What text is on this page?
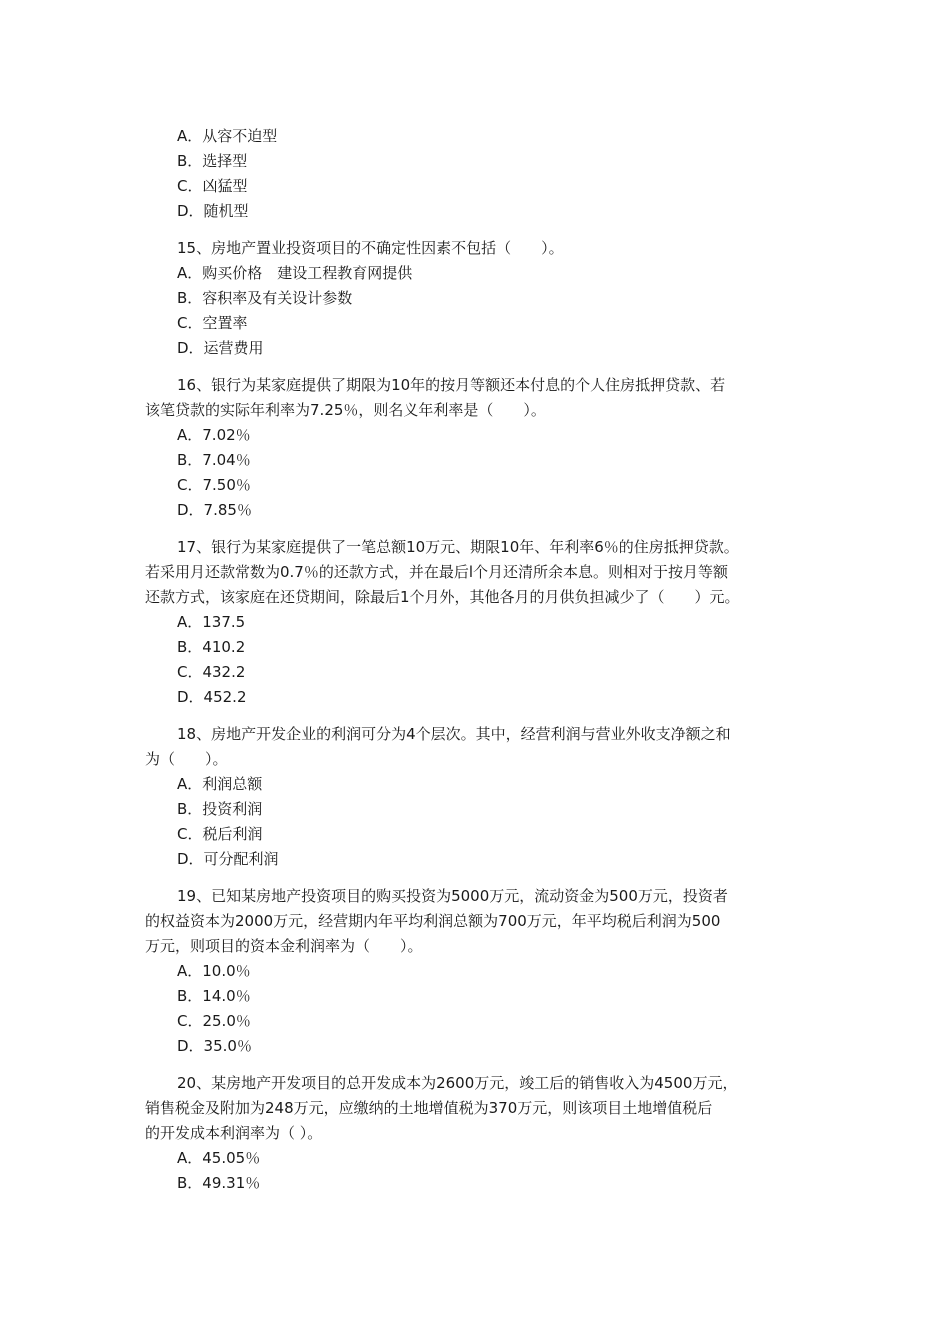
A．从容不迫型
B．选择型
C．凶猛型
D．随机型
15、房地产置业投资项目的不确定性因素不包括（　　）。
A．购买价格　建设工程教育网提供
B．容积率及有关设计参数
C．空置率
D．运营费用
16、银行为某家庭提供了期限为10年的按月等额还本付息的个人住房抵押贷款、若
该笔贷款的实际年利率为7.25％，则名义年利率是（　　）。
A．7.02％
B．7.04％
C．7.50％
D．7.85％
17、银行为某家庭提供了一笔总额10万元、期限10年、年利率6％的住房抵押贷款。
若采用月还款常数为0.7％的还款方式，并在最后l个月还清所余本息。则相对于按月等额
还款方式，该家庭在还贷期间，除最后1个月外，其他各月的月供负担减少了（　　）元。
A．137.5
B．410.2
C．432.2
D．452.2
18、房地产开发企业的利润可分为4个层次。其中，经营利润与营业外收支净额之和
为（　　）。
A．利润总额
B．投资利润
C．税后利润
D．可分配利润
19、已知某房地产投资项目的购买投资为5000万元，流动资金为500万元，投资者
的权益资本为2000万元，经营期内年平均利润总额为700万元，年平均税后利润为500
万元，则项目的资本金利润率为（　　）。
A．10.0％
B．14.0％
C．25.0％
D．35.0％
20、某房地产开发项目的总开发成本为2600万元，竣工后的销售收入为4500万元，
销售税金及附加为248万元，应缴纳的土地增值税为370万元，则该项目土地增值税后
的开发成本利润率为（ ）。
A．45.05％
B．49.31％
